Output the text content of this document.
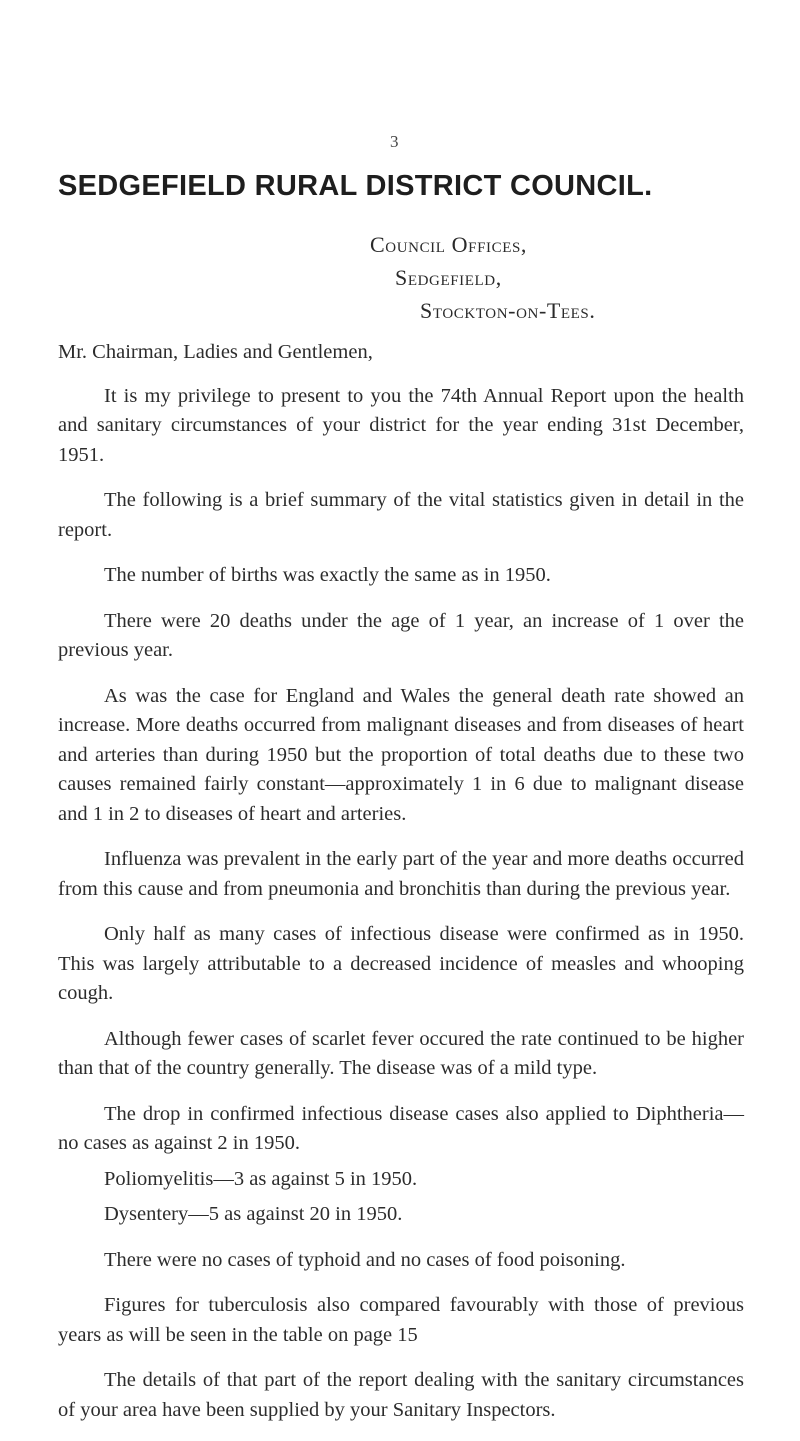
3
SEDGEFIELD RURAL DISTRICT COUNCIL.
Council Offices,
Sedgefield,
Stockton-on-Tees.

Mr. Chairman, Ladies and Gentlemen,

It is my privilege to present to you the 74th Annual Report upon the health and sanitary circumstances of your district for the year ending 31st December, 1951.

The following is a brief summary of the vital statistics given in detail in the report.

The number of births was exactly the same as in 1950.

There were 20 deaths under the age of 1 year, an increase of 1 over the previous year.

As was the case for England and Wales the general death rate showed an increase. More deaths occurred from malignant diseases and from diseases of heart and arteries than during 1950 but the proportion of total deaths due to these two causes remained fairly constant—approximately 1 in 6 due to malignant disease and 1 in 2 to diseases of heart and arteries.

Influenza was prevalent in the early part of the year and more deaths occurred from this cause and from pneumonia and bronchitis than during the previous year.

Only half as many cases of infectious disease were confirmed as in 1950. This was largely attributable to a decreased incidence of measles and whooping cough.

Although fewer cases of scarlet fever occured the rate continued to be higher than that of the country generally. The disease was of a mild type.

The drop in confirmed infectious disease cases also applied to Diphtheria—no cases as against 2 in 1950.

Poliomyelitis—3 as against 5 in 1950.

Dysentery—5 as against 20 in 1950.

There were no cases of typhoid and no cases of food poisoning.

Figures for tuberculosis also compared favourably with those of previous years as will be seen in the table on page 15

The details of that part of the report dealing with the sanitary circumstances of your area have been supplied by your Sanitary Inspectors.
